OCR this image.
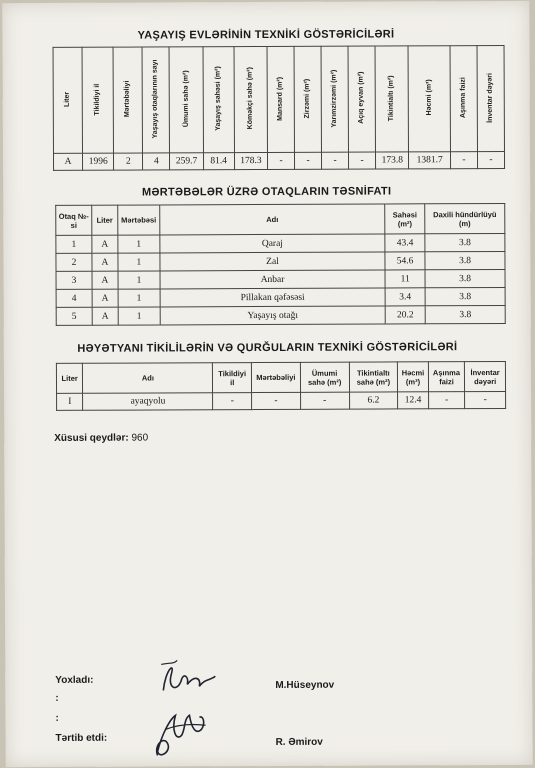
YAŞAYIŞ EVLƏRİNİN TEXNİKİ GÖSTƏRİCİLƏRİ
Liter	Tikildiyi il	Mərtəbəliyi	Yaşayış otaqlarının sayı	Ümumi sahə (m²)	Yaşayış sahəsi (m²)	Köməkçi sahə (m²)	Mansard (m²)	Zirzəmi (m²)	Yarımzirzəmi (m²)	Açıq eyvan (m²)	Tikintialtı (m²)	Həcmi (m³)	Aşınma faizi	İnventar dəyəri
A	1996	2	4	259.7	81.4	178.3	-	-	-	-	173.8	1381.7	-	-
MƏRTƏBƏLƏR ÜZRƏ OTAQLARIN TƏSNİFATI
Otaq №-si	Liter	Mərtəbəsi	Adı	Sahəsi (m²)	Daxili hündürlüyü (m)
1	A	1	Qaraj	43.4	3.8
2	A	1	Zal	54.6	3.8
3	A	1	Anbar	11	3.8
4	A	1	Pillakan qəfəsəsi	3.4	3.8
5	A	1	Yaşayış otağı	20.2	3.8
HƏYƏTYANI TİKİLİLƏRİN VƏ QURĞULARIN TEXNİKİ GÖSTƏRİCİLƏRİ
Liter	Adı	Tikildiyi il	Mərtəbəliyi	Ümumi sahə (m²)	Tikintialtı sahə (m²)	Həcmi (m³)	Aşınma faizi	İnventar dəyəri
I	ayaqyolu	-	-	-	6.2	12.4	-	-
Xüsusi qeydlər: 960
Yoxladı:
:
:
Tərtib etdi:
M.Hüseynov
R. Əmirov
